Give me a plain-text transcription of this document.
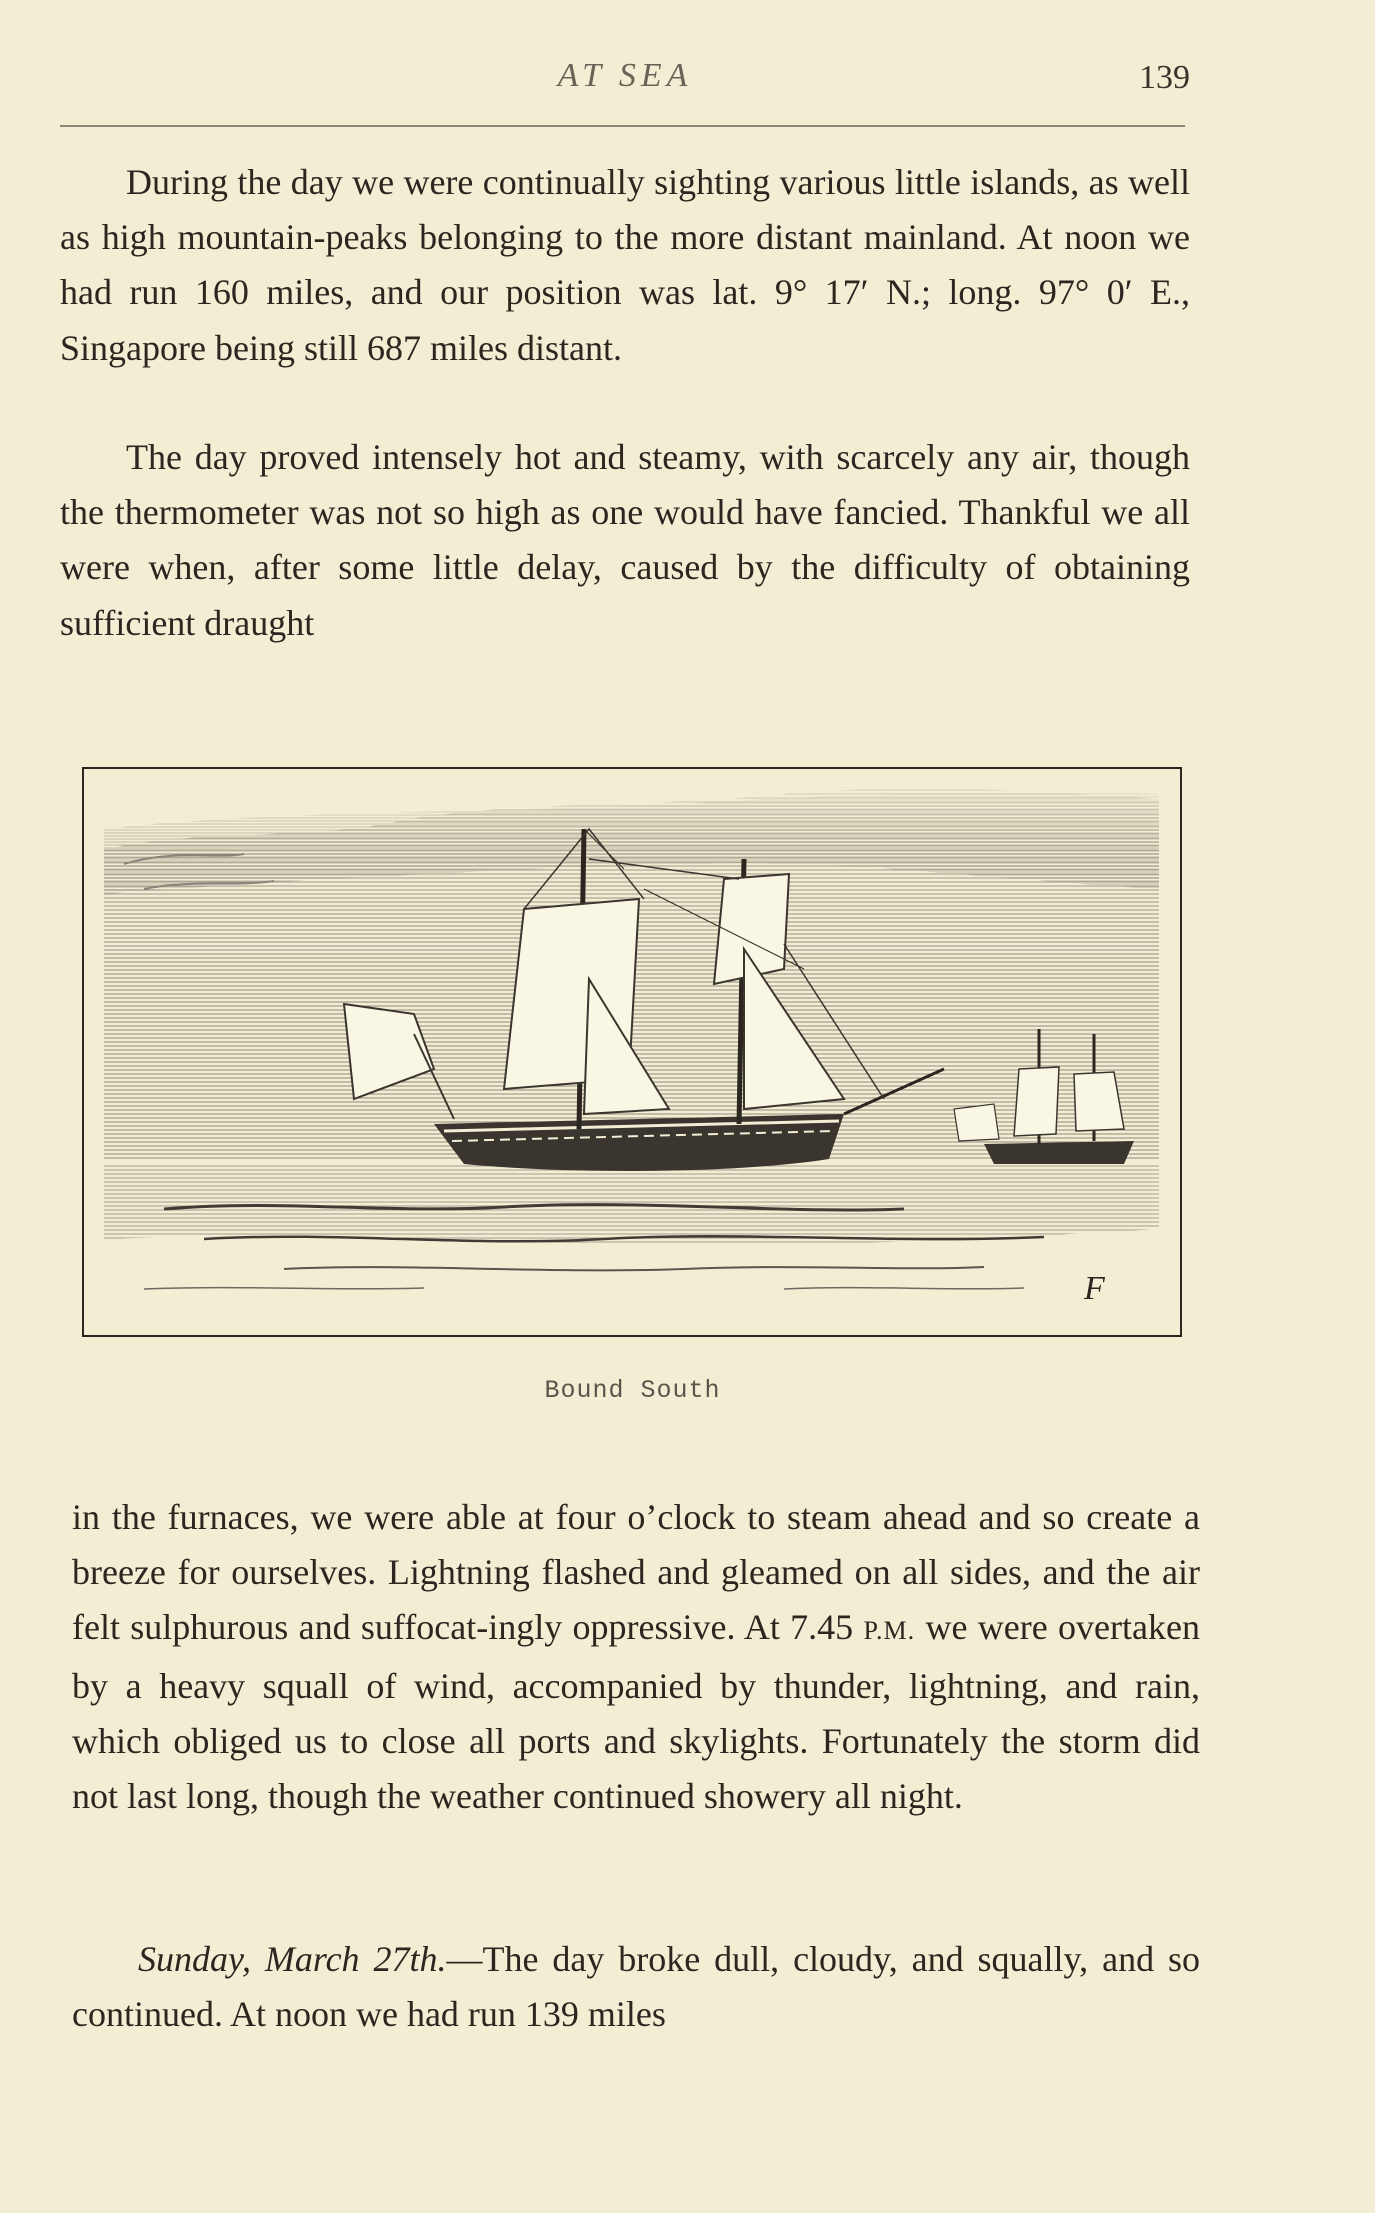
AT SEA	139

During the day we were continually sighting various little islands, as well as high mountain-peaks belonging to the more distant mainland. At noon we had run 160 miles, and our position was lat. 9° 17′ N.; long. 97° 0′ E., Singapore being still 687 miles distant.

The day proved intensely hot and steamy, with scarcely any air, though the thermometer was not so high as one would have fancied. Thankful we all were when, after some little delay, caused by the difficulty of obtaining sufficient draught

F
Bound South

in the furnaces, we were able at four o’clock to steam ahead and so create a breeze for ourselves. Lightning flashed and gleamed on all sides, and the air felt sulphurous and suffocat-ingly oppressive. At 7.45 P.M. we were overtaken by a heavy squall of wind, accompanied by thunder, lightning, and rain, which obliged us to close all ports and skylights. Fortunately the storm did not last long, though the weather continued showery all night.

Sunday, March 27th.—The day broke dull, cloudy, and squally, and so continued. At noon we had run 139 miles
